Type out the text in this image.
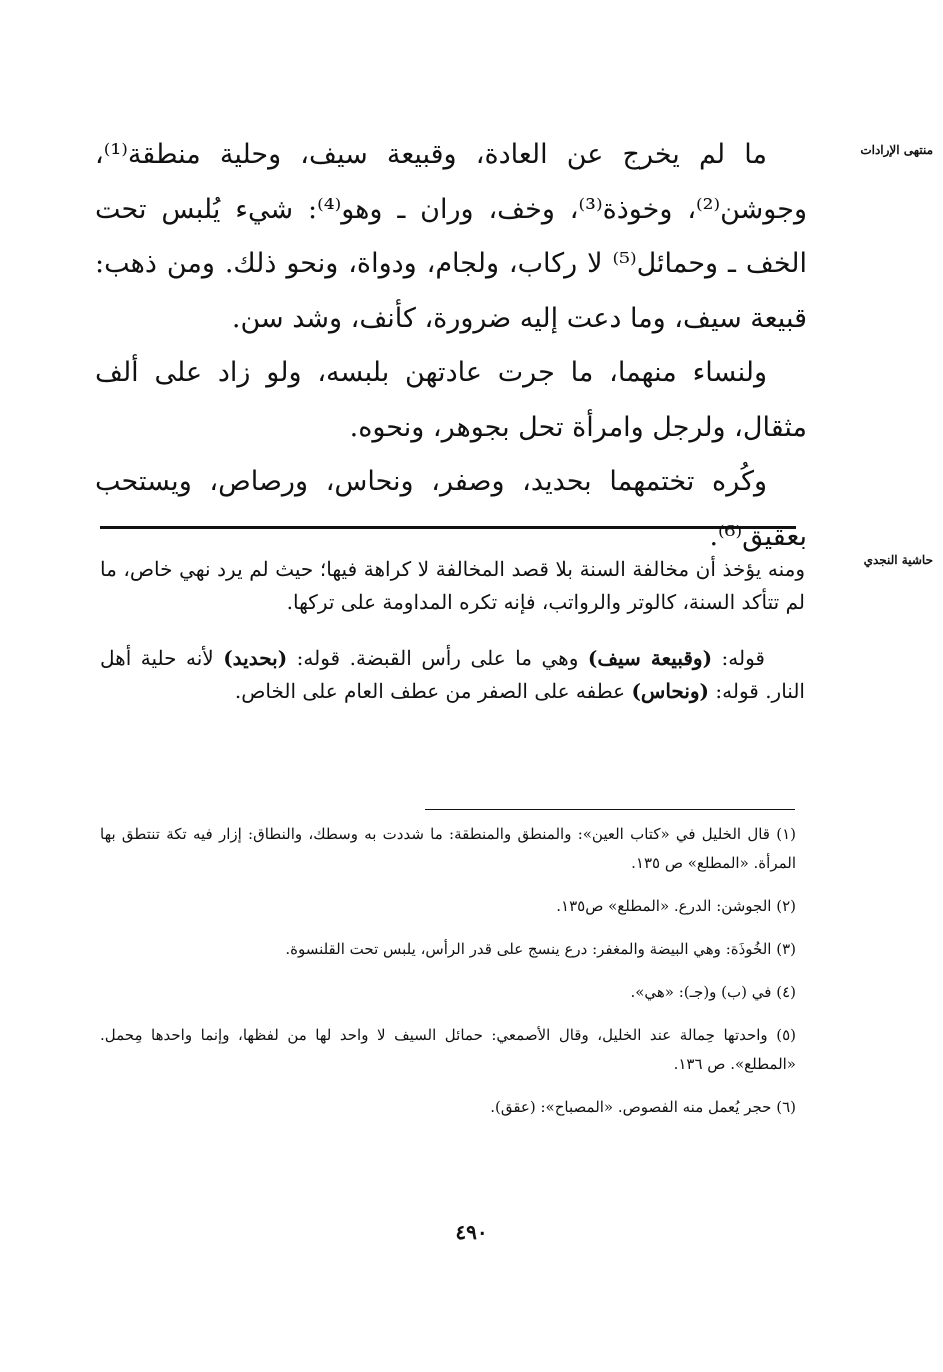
منتهى الإرادات

ما لم يخرج عن العادة، وقبيعة سيف، وحلية منطقة⁽¹⁾، وجوشن⁽²⁾، وخوذة⁽³⁾، وخف، وران ـ وهو⁽⁴⁾: شيء يُلبس تحت الخف ـ وحمائل⁽⁵⁾ لا ركاب، ولجام، ودواة، ونحو ذلك. ومن ذهب: قبيعة سيف، وما دعت إليه ضرورة، كأنف، وشد سن.

ولنساء منهما، ما جرت عادتهن بلبسه، ولو زاد على ألف مثقال، ولرجل وامرأة تحل بجوهر، ونحوه.

وكُره تختمهما بحديد، وصفر، ونحاس، ورصاص، ويستحب بعقيق⁽⁶⁾.

حاشية النجدي

ومنه يؤخذ أن مخالفة السنة بلا قصد المخالفة لا كراهة فيها؛ حيث لم يرد نهي خاص، ما لم تتأكد السنة، كالوتر والرواتب، فإنه تكره المداومة على تركها.

قوله: (وقبيعة سيف) وهي ما على رأس القبضة. قوله: (بحديد) لأنه حلية أهل النار. قوله: (ونحاس) عطفه على الصفر من عطف العام على الخاص.

(١) قال الخليل في «كتاب العين»: والمنطق والمنطقة: ما شددت به وسطك، والنطاق: إزار فيه تكة تنتطق بها المرأة. «المطلع» ص ١٣٥.

(٢) الجوشن: الدرع. «المطلع» ص١٣٥.

(٣) الخُوذَة: وهي البيضة والمغفر: درع ينسج على قدر الرأس، يلبس تحت القلنسوة.

(٤) في (ب) و(جـ): «هي».

(٥) واحدتها حِمالة عند الخليل، وقال الأصمعي: حمائل السيف لا واحد لها من لفظها، وإنما واحدها مِحمل. «المطلع». ص ١٣٦.

(٦) حجر يُعمل منه الفصوص. «المصباح»: (عقق).

٤٩٠
